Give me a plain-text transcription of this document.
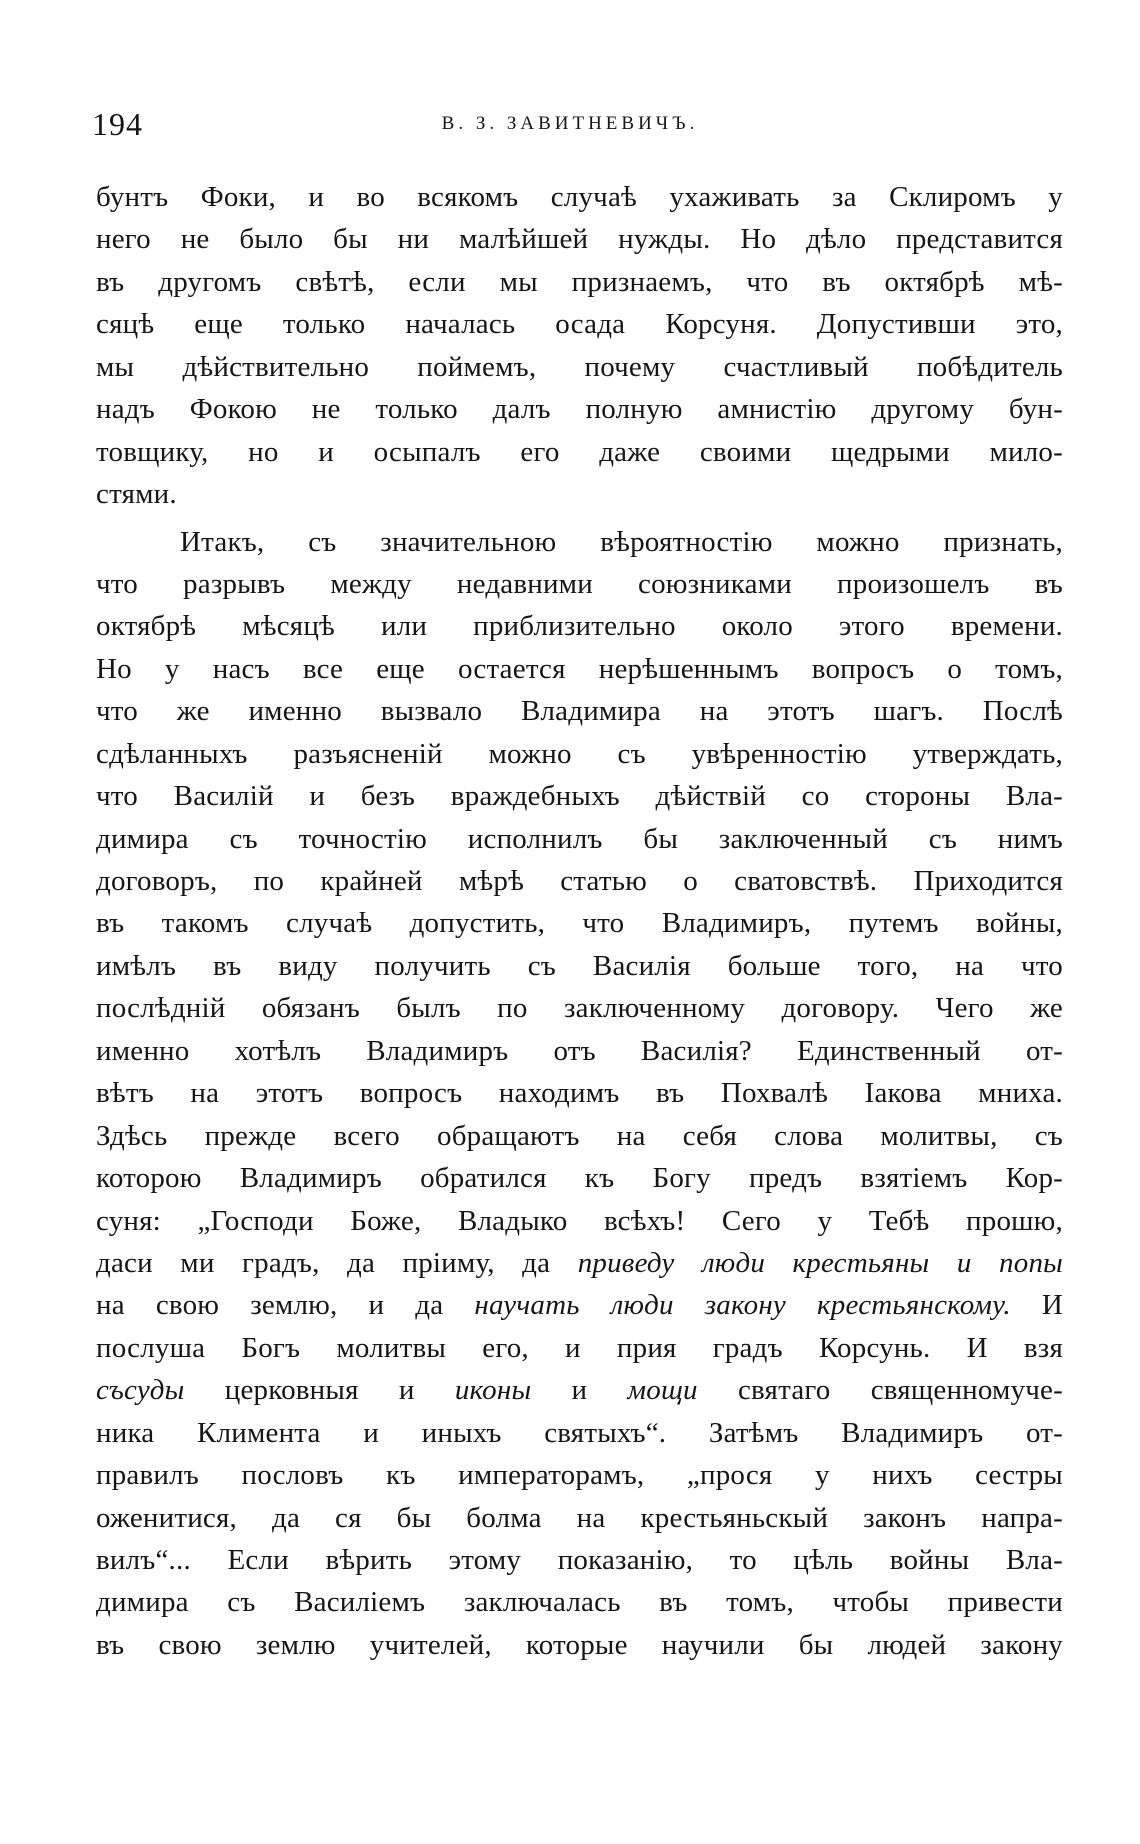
194	В. З. ЗАВИТНЕВИЧЪ.
бунтъ Фоки, и во всякомъ случаѣ ухаживать за Склиромъ у
него не было бы ни малѣйшей нужды. Но дѣло представится
въ другомъ свѣтѣ, если мы признаемъ, что въ октябрѣ мѣ-
сяцѣ еще только началась осада Корсуня. Допустивши это,
мы дѣйствительно поймемъ, почему счастливый побѣдитель
надъ Фокою не только далъ полную амнистію другому бун-
товщику, но и осыпалъ его даже своими щедрыми мило-
стями.
Итакъ, съ значительною вѣроятностію можно признать,
что разрывъ между недавними союзниками произошелъ въ
октябрѣ мѣсяцѣ или приблизительно около этого времени.
Но у насъ все еще остается нерѣшеннымъ вопросъ о томъ,
что же именно вызвало Владимира на этотъ шагъ. Послѣ
сдѣланныхъ разъясненій можно съ увѣренностію утверждать,
что Василій и безъ враждебныхъ дѣйствій со стороны Вла-
димира съ точностію исполнилъ бы заключенный съ нимъ
договоръ, по крайней мѣрѣ статью о сватовствѣ. Приходится
въ такомъ случаѣ допустить, что Владимиръ, путемъ войны,
имѣлъ въ виду получить съ Василія больше того, на что
послѣдній обязанъ былъ по заключенному договору. Чего же
именно хотѣлъ Владимиръ отъ Василія? Единственный от-
вѣтъ на этотъ вопросъ находимъ въ Похвалѣ Іакова мниха.
Здѣсь прежде всего обращаютъ на себя слова молитвы, съ
которою Владимиръ обратился къ Богу предъ взятіемъ Кор-
суня: „Господи Боже, Владыко всѣхъ! Сего у Тебѣ прошю,
даси ми градъ, да пріиму, да приведу люди крестьяны и попы
на свою землю, и да научать люди закону крестьянскому. И
послуша Богъ молитвы его, и прия градъ Корсунь. И взя
съсуды церковныя и иконы и мощи святаго священномуче-
ника Климента и иныхъ святыхъ“. Затѣмъ Владимиръ от-
правилъ пословъ къ императорамъ, „прося у нихъ сестры
оженитися, да ся бы болма на крестьяньскый законъ напра-
вилъ“... Если вѣрить этому показанію, то цѣль войны Вла-
димира съ Василіемъ заключалась въ томъ, чтобы привести
въ свою землю учителей, которые научили бы людей закону
